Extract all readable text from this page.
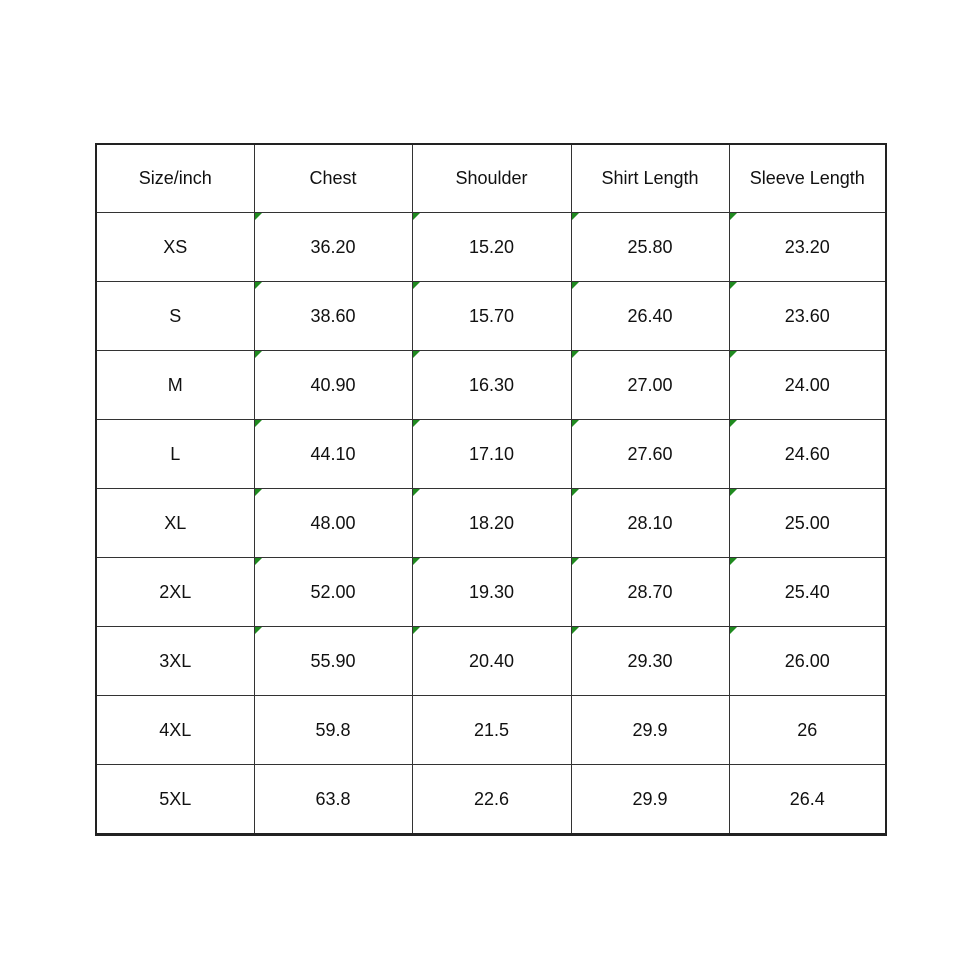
Size/inch	Chest	Shoulder	Shirt Length	Sleeve Length
XS	36.20	15.20	25.80	23.20
S	38.60	15.70	26.40	23.60
M	40.90	16.30	27.00	24.00
L	44.10	17.10	27.60	24.60
XL	48.00	18.20	28.10	25.00
2XL	52.00	19.30	28.70	25.40
3XL	55.90	20.40	29.30	26.00
4XL	59.8	21.5	29.9	26
5XL	63.8	22.6	29.9	26.4
